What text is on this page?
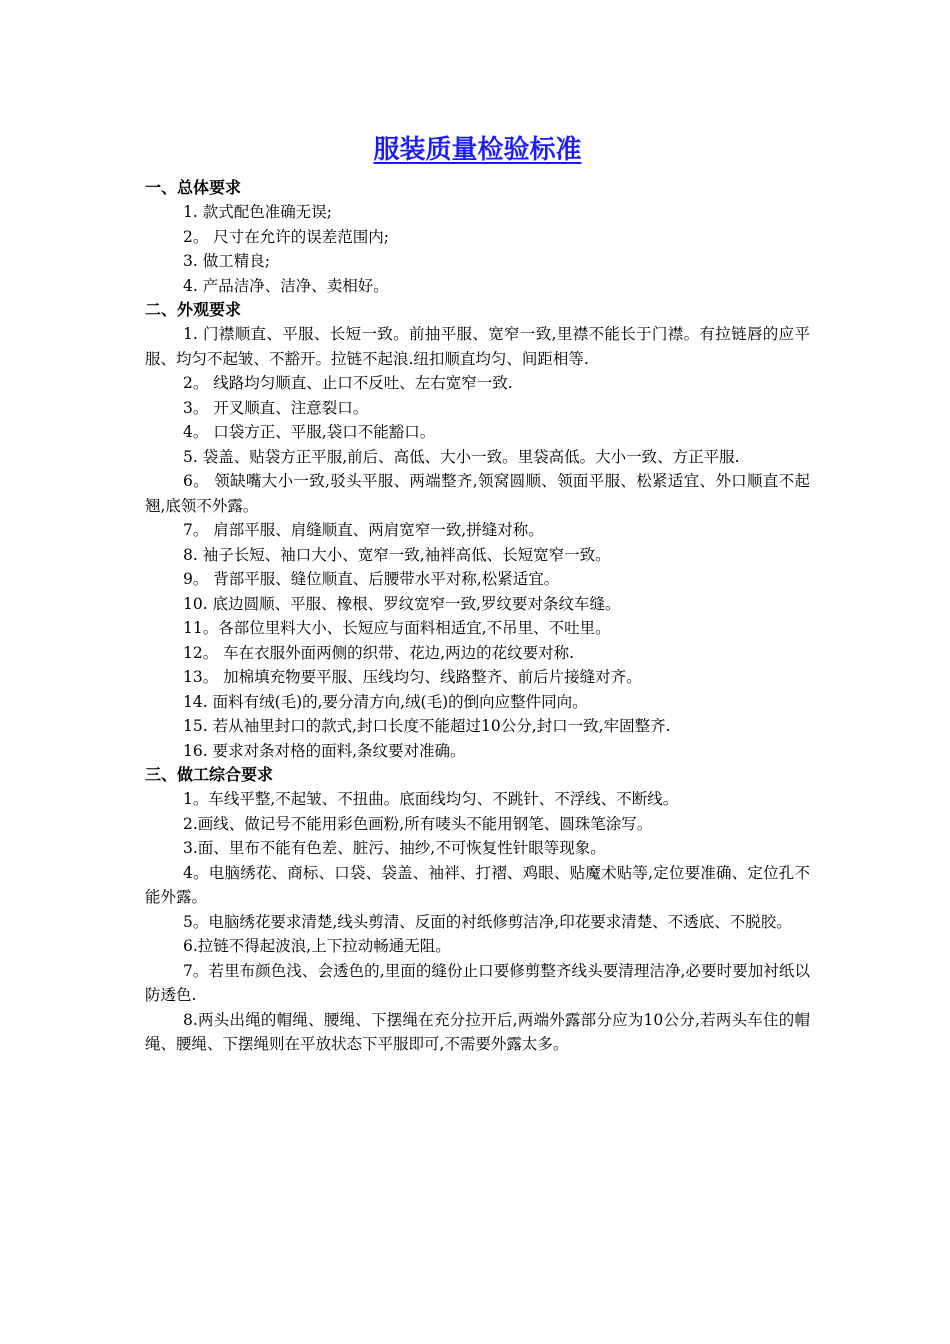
服装质量检验标准
一、总体要求

1. 款式配色准确无误;

2。 尺寸在允许的误差范围内;

3. 做工精良;

4. 产品洁净、洁净、卖相好。

二、外观要求

1. 门襟顺直、平服、长短一致。前抽平服、宽窄一致,里襟不能长于门襟。有拉链唇的应平服、均匀不起皱、不豁开。拉链不起浪.纽扣顺直均匀、间距相等.

2。 线路均匀顺直、止口不反吐、左右宽窄一致.

3。 开叉顺直、注意裂口。

4。 口袋方正、平服,袋口不能豁口。

5. 袋盖、贴袋方正平服,前后、高低、大小一致。里袋高低。大小一致、方正平服.

6。 领缺嘴大小一致,驳头平服、两端整齐,领窝圆顺、领面平服、松紧适宜、外口顺直不起翘,底领不外露。

7。 肩部平服、肩缝顺直、两肩宽窄一致,拼缝对称。

8. 袖子长短、袖口大小、宽窄一致,袖袢高低、长短宽窄一致。

9。 背部平服、缝位顺直、后腰带水平对称,松紧适宜。

10. 底边圆顺、平服、橡根、罗纹宽窄一致,罗纹要对条纹车缝。

11。各部位里料大小、长短应与面料相适宜,不吊里、不吐里。

12。 车在衣服外面两侧的织带、花边,两边的花纹要对称.

13。 加棉填充物要平服、压线均匀、线路整齐、前后片接缝对齐。

14. 面料有绒(毛)的,要分清方向,绒(毛)的倒向应整件同向。

15. 若从袖里封口的款式,封口长度不能超过10公分,封口一致,牢固整齐.

16. 要求对条对格的面料,条纹要对准确。

三、做工综合要求

1。车线平整,不起皱、不扭曲。底面线均匀、不跳针、不浮线、不断线。

2.画线、做记号不能用彩色画粉,所有唛头不能用钢笔、圆珠笔涂写。

3.面、里布不能有色差、脏污、抽纱,不可恢复性针眼等现象。

4。电脑绣花、商标、口袋、袋盖、袖袢、打褶、鸡眼、贴魔术贴等,定位要准确、定位孔不能外露。

5。电脑绣花要求清楚,线头剪清、反面的衬纸修剪洁净,印花要求清楚、不透底、不脱胶。

6.拉链不得起波浪,上下拉动畅通无阻。

7。若里布颜色浅、会透色的,里面的缝份止口要修剪整齐线头要清理洁净,必要时要加衬纸以防透色.

8.两头出绳的帽绳、腰绳、下摆绳在充分拉开后,两端外露部分应为10公分,若两头车住的帽绳、腰绳、下摆绳则在平放状态下平服即可,不需要外露太多。
